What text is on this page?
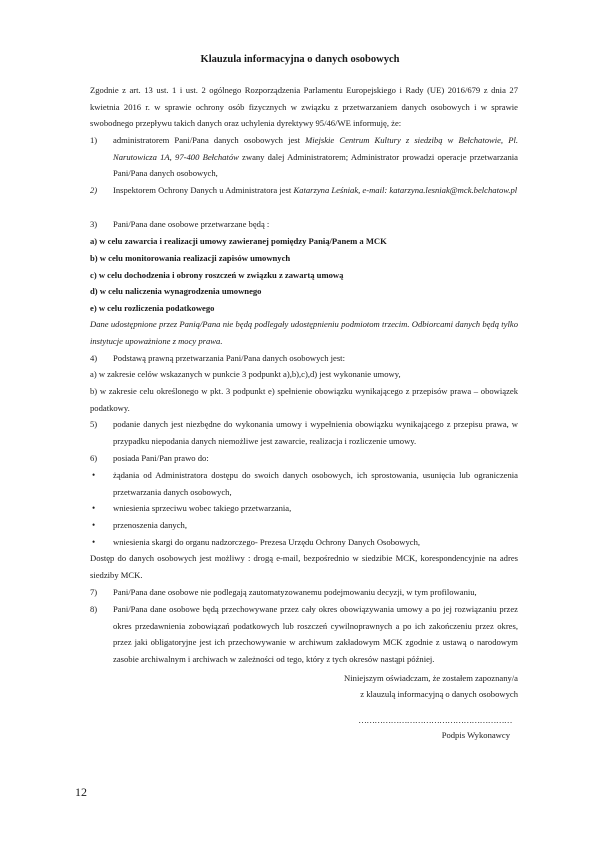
Klauzula informacyjna o danych osobowych
Zgodnie z art. 13 ust. 1 i ust. 2 ogólnego Rozporządzenia Parlamentu Europejskiego i Rady (UE) 2016/679 z dnia 27 kwietnia 2016 r. w sprawie ochrony osób fizycznych w związku z przetwarzaniem danych osobowych i w sprawie swobodnego przepływu takich danych oraz uchylenia dyrektywy 95/46/WE informuję, że:
1)	administratorem Pani/Pana danych osobowych jest Miejskie Centrum Kultury z siedzibą w Bełchatowie, Pl. Narutowicza 1A, 97-400 Bełchatów zwany dalej Administratorem; Administrator prowadzi operacje przetwarzania Pani/Pana danych osobowych,
2)	Inspektorem Ochrony Danych u Administratora jest Katarzyna Leśniak, e-mail: katarzyna.lesniak@mck.belchatow.pl
3)	Pani/Pana dane osobowe przetwarzane będą :
a) w celu zawarcia i realizacji umowy zawieranej pomiędzy Panią/Panem a MCK
b) w celu monitorowania realizacji zapisów umownych
c) w celu dochodzenia i obrony roszczeń w związku z zawartą umową
d) w celu naliczenia wynagrodzenia umownego
e) w celu rozliczenia podatkowego
Dane udostępnione przez Panią/Pana nie będą podlegały udostępnieniu podmiotom trzecim. Odbiorcami danych będą tylko instytucje upoważnione z mocy prawa.
4)	Podstawą prawną przetwarzania Pani/Pana danych osobowych jest:
a) w zakresie celów wskazanych w punkcie 3 podpunkt a),b),c),d) jest wykonanie umowy,
b) w zakresie celu określonego w pkt. 3 podpunkt e) spełnienie obowiązku wynikającego z przepisów prawa – obowiązek podatkowy.
5)	podanie danych jest niezbędne do wykonania umowy i wypełnienia obowiązku wynikającego z przepisu prawa, w przypadku niepodania danych niemożliwe jest zawarcie, realizacja i rozliczenie umowy.
6)	posiada Pani/Pan prawo do:
•	żądania od Administratora dostępu do swoich danych osobowych, ich sprostowania, usunięcia lub ograniczenia przetwarzania danych osobowych,
•	wniesienia sprzeciwu wobec takiego przetwarzania,
•	przenoszenia danych,
•	wniesienia skargi do organu nadzorczego- Prezesa Urzędu Ochrony Danych Osobowych,
Dostęp do danych osobowych jest możliwy : drogą e-mail, bezpośrednio w siedzibie MCK, korespondencyjnie na adres siedziby MCK.
7)	Pani/Pana dane osobowe nie podlegają zautomatyzowanemu podejmowaniu decyzji, w tym profilowaniu,
8)	Pani/Pana dane osobowe będą przechowywane przez cały okres obowiązywania umowy a po jej rozwiązaniu przez okres przedawnienia zobowiązań podatkowych lub roszczeń cywilnoprawnych a po ich zakończeniu przez okres, przez jaki obligatoryjne jest ich przechowywanie w archiwum zakładowym MCK zgodnie z ustawą o narodowym zasobie archiwalnym i archiwach w zależności od tego, który z tych okresów nastąpi później.
Niniejszym oświadczam, że zostałem zapoznany/a
z klauzulą informacyjną o danych osobowych
…………………………………………………
Podpis Wykonawcy
12
